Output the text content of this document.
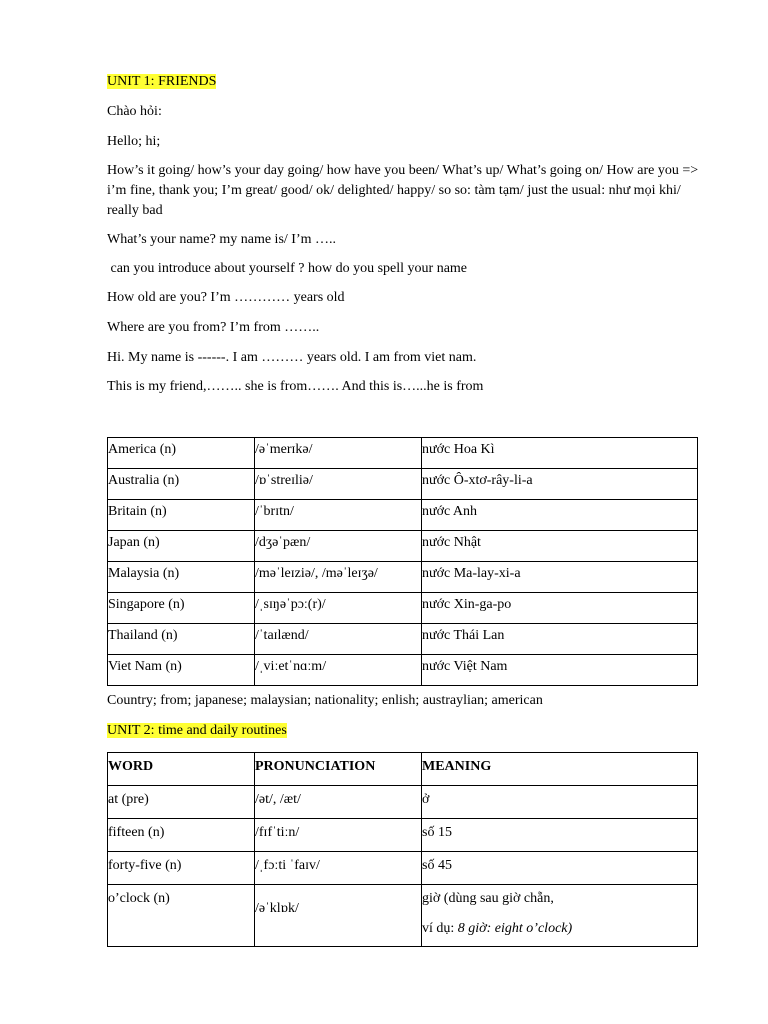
UNIT 1: FRIENDS

Chào hỏi:

Hello; hi;

How’s it going/ how’s your day going/ how have you been/ What’s up/ What’s going on/ How are you => i’m fine, thank you; I’m great/ good/ ok/ delighted/ happy/ so so: tàm tạm/ just the usual: như mọi khi/ really bad

What’s your name? my name is/ I’m …..

can you introduce about yourself ? how do you spell your name

How old are you? I’m ………… years old

Where are you from? I’m from ……..

Hi. My name is ------. I am ……… years old. I am from viet nam.

This is my friend,…….. she is from……. And this is…...he is from

America (n)	/əˈmerɪkə/	nước Hoa Kì
Australia (n)	/ɒˈstreɪliə/	nước Ô-xtơ-rây-li-a
Britain (n)	/ˈbrɪtn/	nước Anh
Japan (n)	/dʒəˈpæn/	nước Nhật
Malaysia (n)	/məˈleɪziə/, /məˈleɪʒə/	nước Ma-lay-xi-a
Singapore (n)	/ˌsɪŋəˈpɔː(r)/	nước Xin-ga-po
Thailand (n)	/ˈtaɪlænd/	nước Thái Lan
Viet Nam (n)	/ˌviːetˈnɑːm/	nước Việt Nam

Country; from; japanese; malaysian; nationality; enlish; austraylian; american

UNIT 2: time and daily routines

WORD	PRONUNCIATION	MEANING
at (pre)	/ət/, /æt/	ở
fifteen (n)	/fɪfˈtiːn/	số 15
forty-five (n)	/ˌfɔːti ˈfaɪv/	số 45
o’clock (n)	/əˈklɒk/	giờ (dùng sau giờ chẵn,
ví dụ: 8 giờ: eight o’clock)
